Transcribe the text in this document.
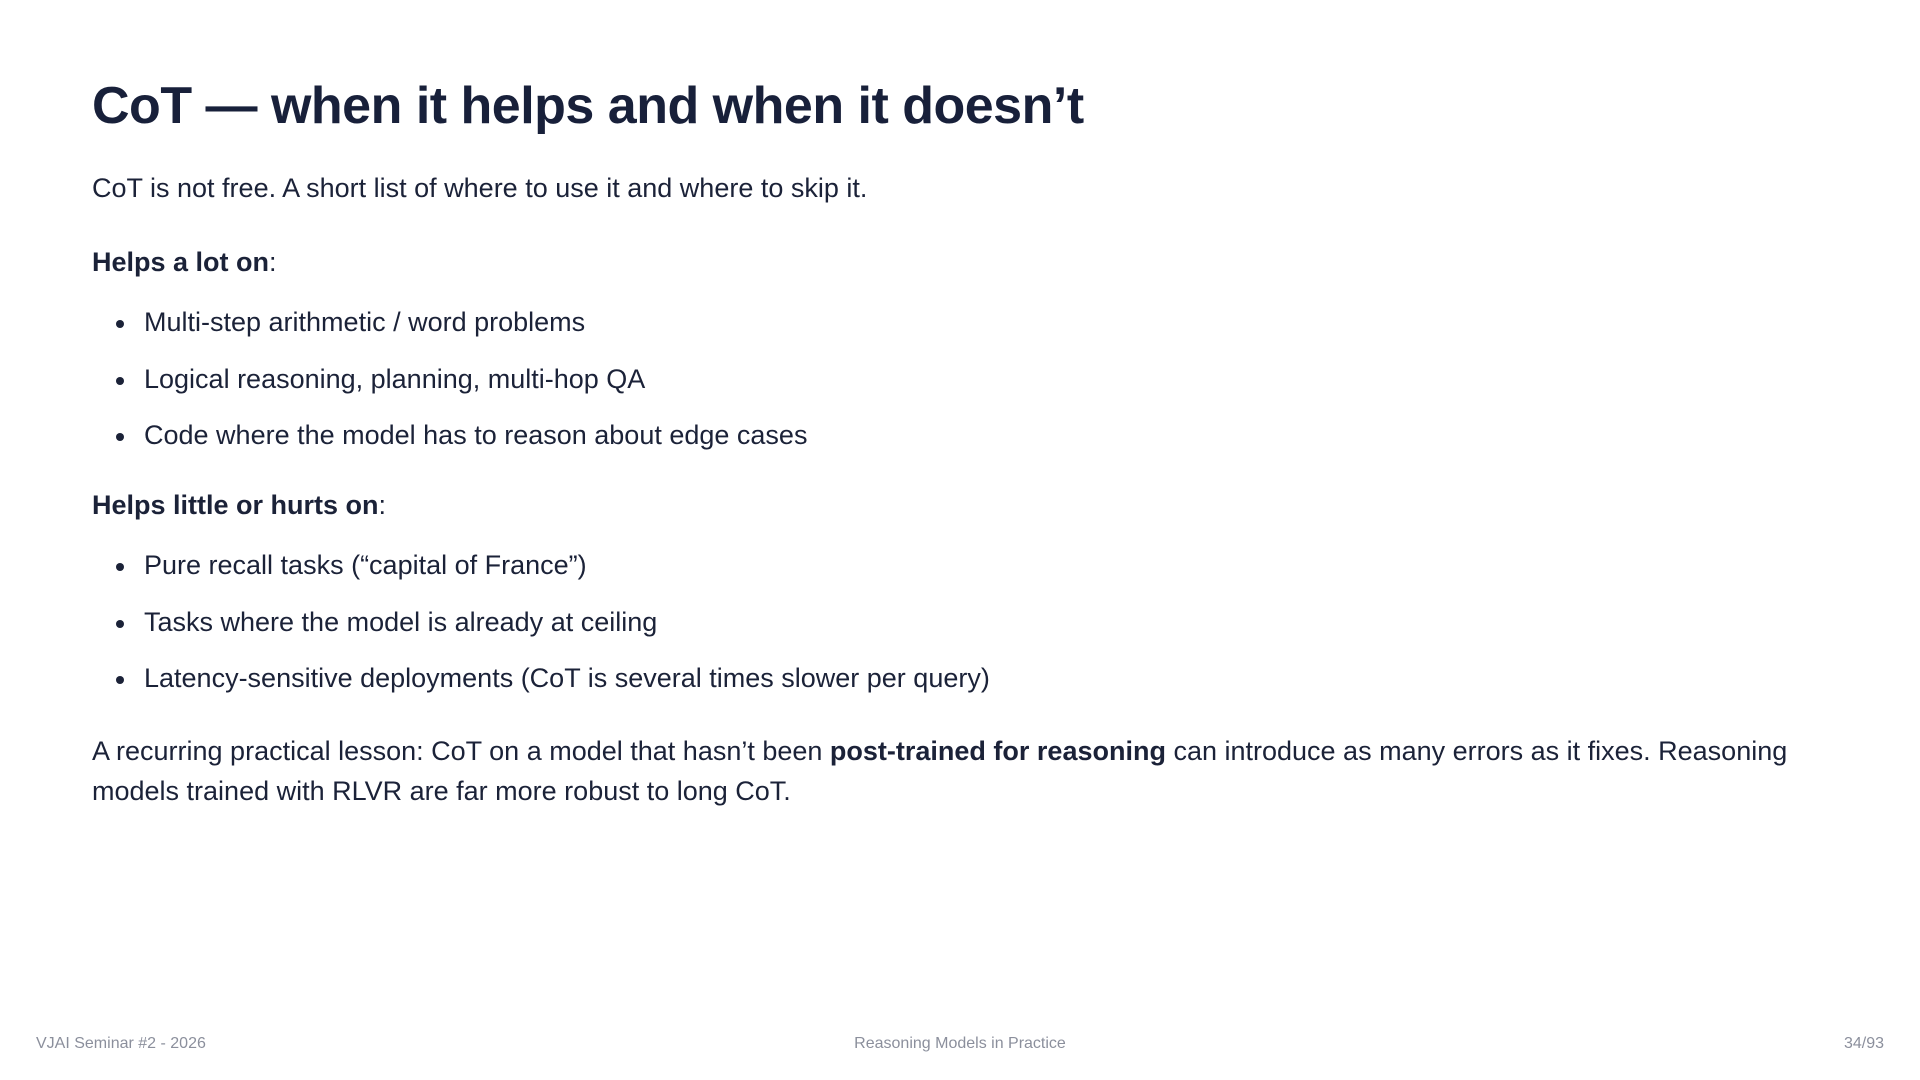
CoT — when it helps and when it doesn’t

CoT is not free. A short list of where to use it and where to skip it.

Helps a lot on:

Multi-step arithmetic / word problems
Logical reasoning, planning, multi-hop QA
Code where the model has to reason about edge cases

Helps little or hurts on:

Pure recall tasks (“capital of France”)
Tasks where the model is already at ceiling
Latency-sensitive deployments (CoT is several times slower per query)

A recurring practical lesson: CoT on a model that hasn’t been post-trained for reasoning can introduce as many errors as it fixes. Reasoning models trained with RLVR are far more robust to long CoT.

VJAI Seminar #2 - 2026	Reasoning Models in Practice	34/93
